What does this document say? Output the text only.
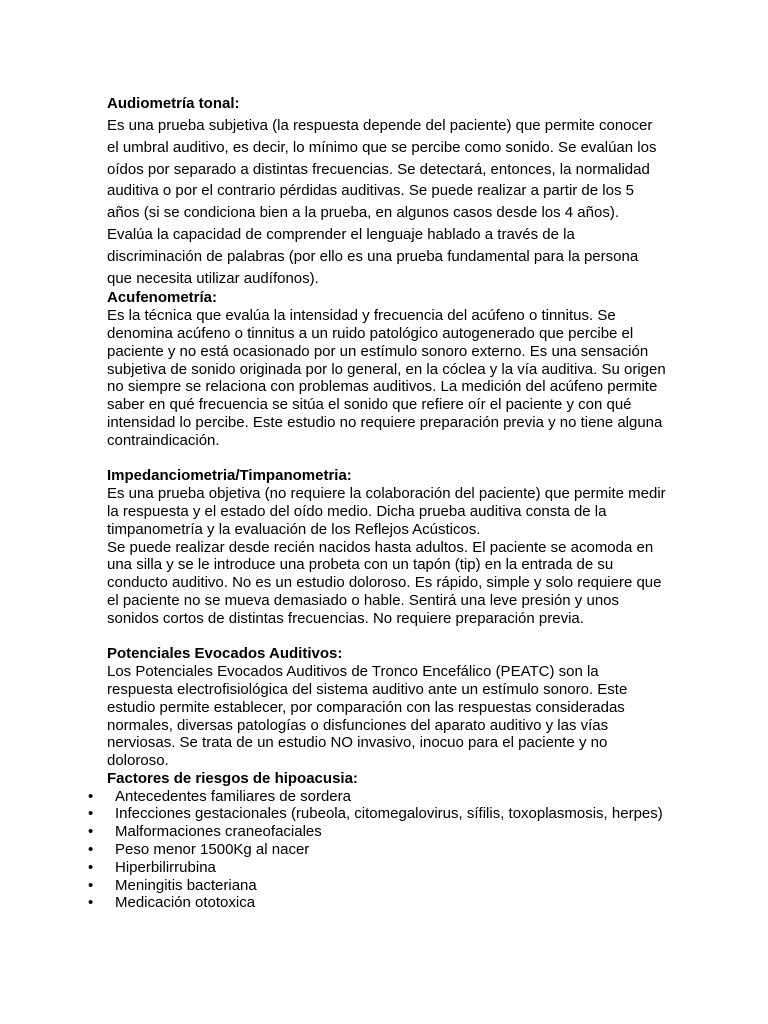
Audiometría tonal:

Es una prueba subjetiva (la respuesta depende del paciente) que permite conocer el umbral auditivo, es decir, lo mínimo que se percibe como sonido. Se evalúan los oídos por separado a distintas frecuencias. Se detectará, entonces, la normalidad auditiva o por el contrario pérdidas auditivas. Se puede realizar a partir de los 5 años (si se condiciona bien a la prueba, en algunos casos desde los 4 años). Evalúa la capacidad de comprender el lenguaje hablado a través de la discriminación de palabras (por ello es una prueba fundamental para la persona que necesita utilizar audífonos).

Acufenometría:

Es la técnica que evalúa la intensidad y frecuencia del acúfeno o tinnitus. Se denomina acúfeno o tinnitus a un ruido patológico autogenerado que percibe el paciente y no está ocasionado por un estímulo sonoro externo. Es una sensación subjetiva de sonido originada por lo general, en la cóclea y la vía auditiva. Su origen no siempre se relaciona con problemas auditivos. La medición del acúfeno permite saber en qué frecuencia se sitúa el sonido que refiere oír el paciente y con qué intensidad lo percibe. Este estudio no requiere preparación previa y no tiene alguna contraindicación.

Impedanciometria/Timpanometria:

Es una prueba objetiva (no requiere la colaboración del paciente) que permite medir la respuesta y el estado del oído medio. Dicha prueba auditiva consta de la timpanometría y la evaluación de los Reflejos Acústicos.

Se puede realizar desde recién nacidos hasta adultos. El paciente se acomoda en una silla y se le introduce una probeta con un tapón (tip) en la entrada de su conducto auditivo. No es un estudio doloroso. Es rápido, simple y solo requiere que el paciente no se mueva demasiado o hable. Sentirá una leve presión y unos sonidos cortos de distintas frecuencias. No requiere preparación previa.

Potenciales Evocados Auditivos:

Los Potenciales Evocados Auditivos de Tronco Encefálico (PEATC) son la respuesta electrofisiológica del sistema auditivo ante un estímulo sonoro. Este estudio permite establecer, por comparación con las respuestas consideradas normales, diversas patologías o disfunciones del aparato auditivo y las vías nerviosas. Se trata de un estudio NO invasivo, inocuo para el paciente y no doloroso.

Factores de riesgos de hipoacusia:
• Antecedentes familiares de sordera
• Infecciones gestacionales (rubeola, citomegalovirus, sífilis, toxoplasmosis, herpes)
• Malformaciones craneofaciales
• Peso menor 1500Kg al nacer
• Hiperbilirrubina
• Meningitis bacteriana
• Medicación ototoxica
